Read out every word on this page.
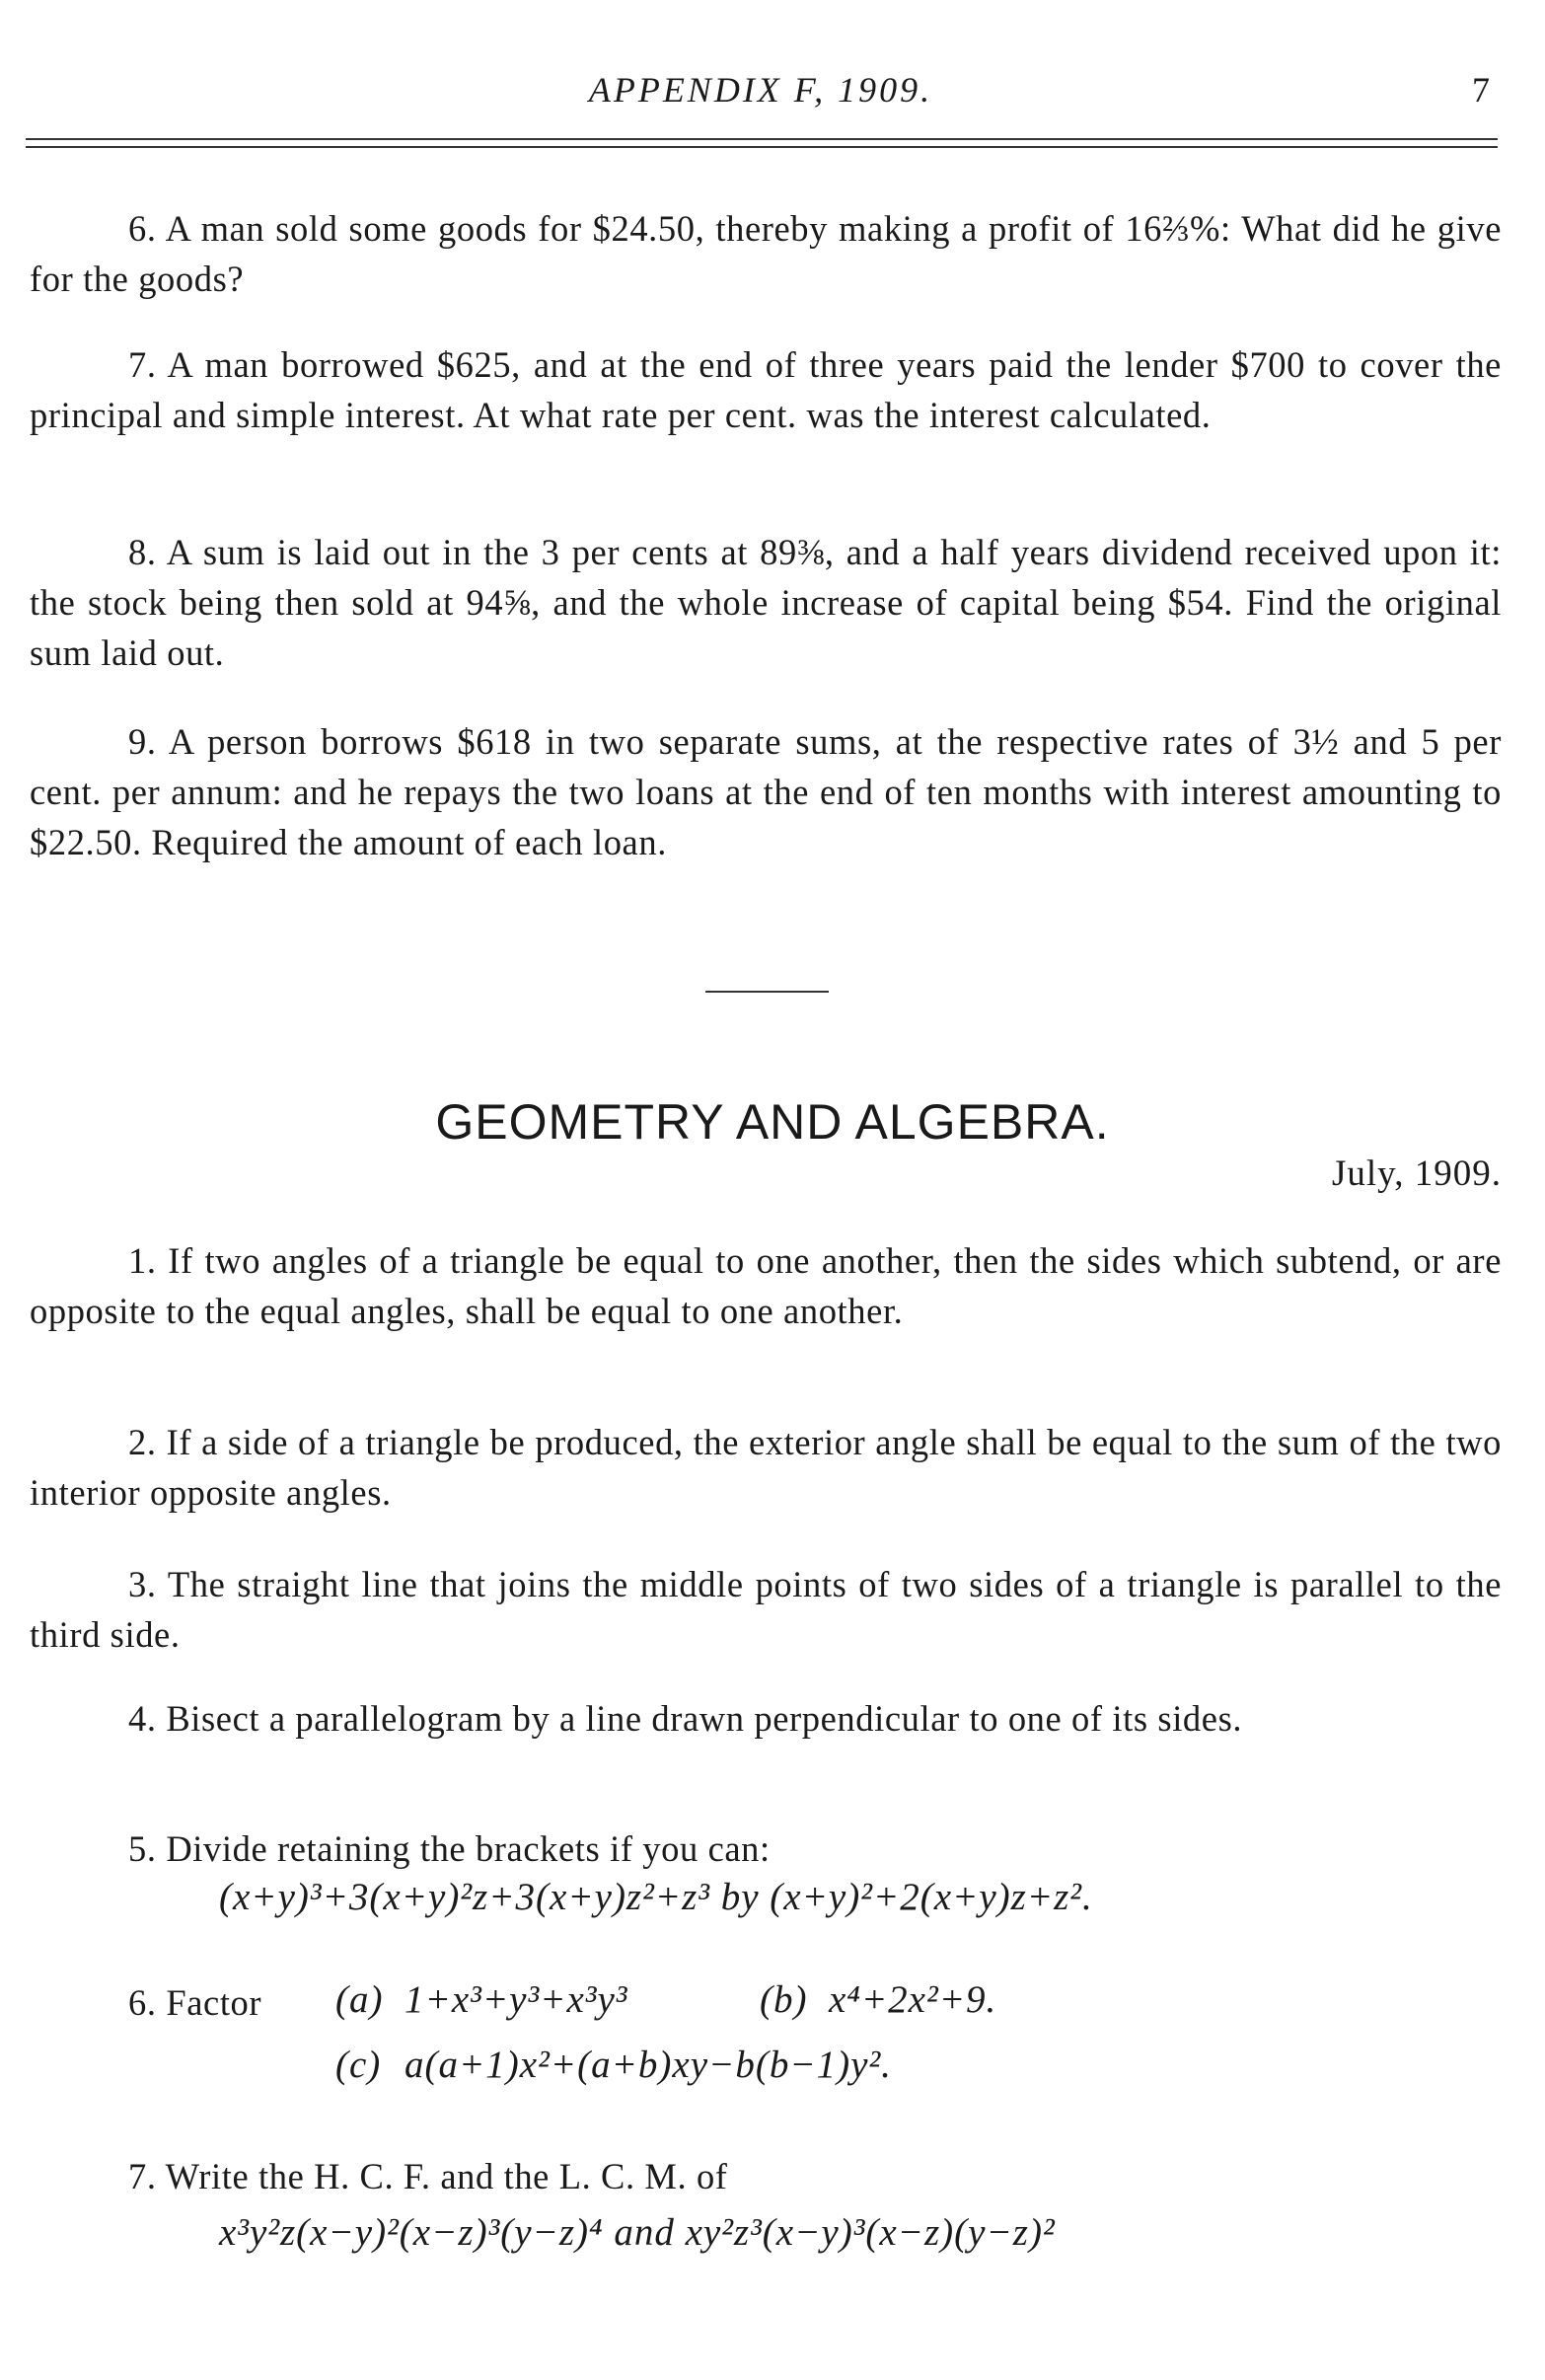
APPENDIX F, 1909.	7
6. A man sold some goods for $24.50, thereby making a profit of 16⅔%: What did he give for the goods?
7. A man borrowed $625, and at the end of three years paid the lender $700 to cover the principal and simple interest. At what rate per cent. was the interest calculated.
8. A sum is laid out in the 3 per cents at 89⅜, and a half years dividend received upon it: the stock being then sold at 94⅝, and the whole increase of capital being $54. Find the original sum laid out.
9. A person borrows $618 in two separate sums, at the respective rates of 3½ and 5 per cent. per annum: and he repays the two loans at the end of ten months with interest amounting to $22.50. Required the amount of each loan.
GEOMETRY AND ALGEBRA.
July, 1909.
1. If two angles of a triangle be equal to one another, then the sides which subtend, or are opposite to the equal angles, shall be equal to one another.
2. If a side of a triangle be produced, the exterior angle shall be equal to the sum of the two interior opposite angles.
3. The straight line that joins the middle points of two sides of a triangle is parallel to the third side.
4. Bisect a parallelogram by a line drawn perpendicular to one of its sides.
5. Divide retaining the brackets if you can:
(x+y)³+3(x+y)²z+3(x+y)z²+z³ by (x+y)²+2(x+y)z+z².
6. Factor	(a) 1+x³+y³+x³y³	(b) x⁴+2x²+9.
(c) a(a+1)x²+(a+b)xy−b(b−1)y².
7. Write the H. C. F. and the L. C. M. of
x³y²z(x−y)²(x−z)³(y−z)⁴ and xy²z³(x−y)³(x−z)(y−z)²
